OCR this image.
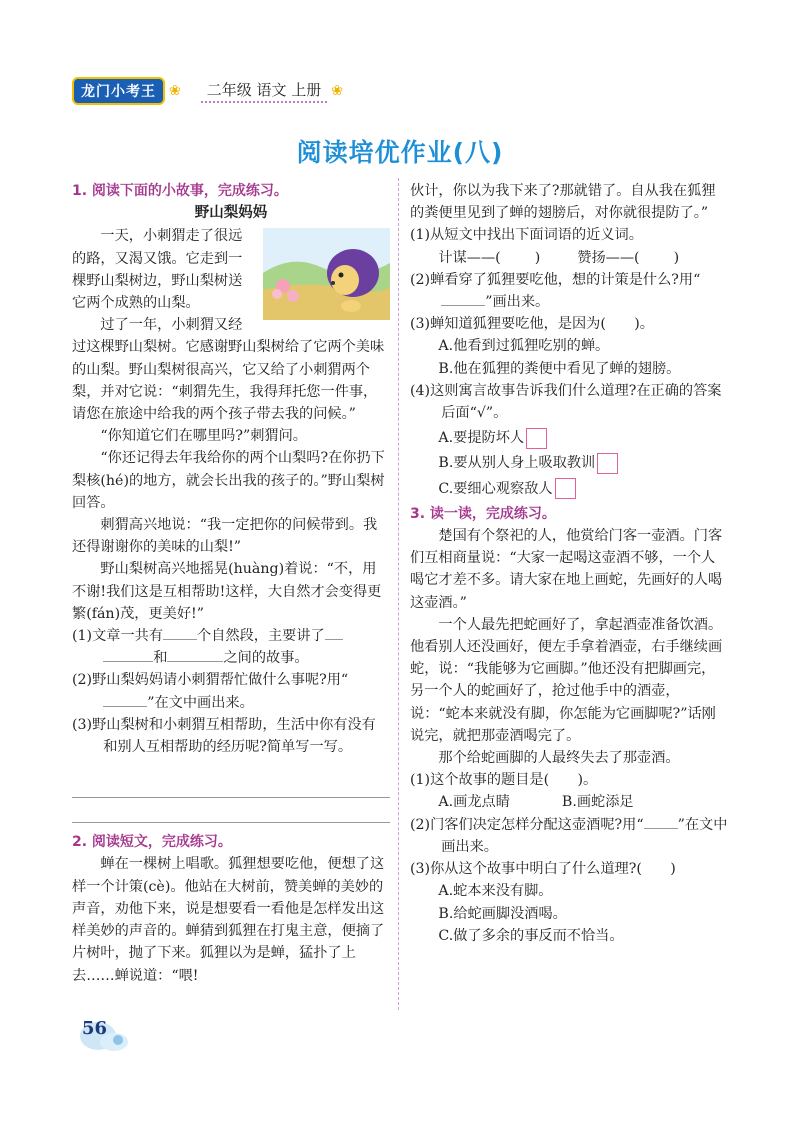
龙门小考王 ❀	二年级 语文 上册 ❀
阅读培优作业(八)

1. 阅读下面的小故事，完成练习。

野山梨妈妈

一天，小刺猬走了很远的路，又渴又饿。它走到一棵野山梨树边，野山梨树送它两个成熟的山梨。

过了一年，小刺猬又经过这棵野山梨树。它感谢野山梨树给了它两个美味的山梨。野山梨树很高兴，它又给了小刺猬两个梨，并对它说：“刺猬先生，我得拜托您一件事，请您在旅途中给我的两个孩子带去我的问候。”

“你知道它们在哪里吗?”刺猬问。

“你还记得去年我给你的两个山梨吗?在你扔下梨核(hé)的地方，就会长出我的孩子的。”野山梨树回答。

刺猬高兴地说：“我一定把你的问候带到。我还得谢谢你的美味的山梨!”

野山梨树高兴地摇晃(huàng)着说：“不，用不谢!我们这是互相帮助!这样，大自然才会变得更繁(fán)茂，更美好!”

(1)文章一共有 个自然段，主要讲了 和	之间的故事。

(2)野山梨妈妈请小刺猬帮忙做什么事呢?用“”在文中画出来。

(3)野山梨树和小刺猬互相帮助，生活中你有没有和别人互相帮助的经历呢?简单写一写。

2. 阅读短文，完成练习。

蝉在一棵树上唱歌。狐狸想要吃他，便想了这样一个计策(cè)。他站在大树前，赞美蝉的美妙的声音，劝他下来，说是想要看一看他是怎样发出这样美妙的声音的。蝉猜到狐狸在打鬼主意，便摘了片树叶，抛了下来。狐狸以为是蝉，猛扑了上去……蝉说道：“喂!

伙计，你以为我下来了?那就错了。自从我在狐狸的粪便里见到了蝉的翅膀后，对你就很提防了。”

(1)从短文中找出下面词语的近义词。

计谋——( )	赞扬——( )

(2)蝉看穿了狐狸要吃他，想的计策是什么?用“”画出来。

(3)蝉知道狐狸要吃他，是因为(　　)。

A.他看到过狐狸吃别的蝉。

B.他在狐狸的粪便中看见了蝉的翅膀。

(4)这则寓言故事告诉我们什么道理?在正确的答案后面“√”。

A.要提防坏人

B.要从别人身上吸取教训

C.要细心观察敌人

3. 读一读，完成练习。

楚国有个祭祀的人，他赏给门客一壶酒。门客们互相商量说：“大家一起喝这壶酒不够，一个人喝它才差不多。请大家在地上画蛇，先画好的人喝这壶酒。”

一个人最先把蛇画好了，拿起酒壶准备饮酒。他看别人还没画好，便左手拿着酒壶，右手继续画蛇，说：“我能够为它画脚。”他还没有把脚画完，另一个人的蛇画好了，抢过他手中的酒壶，说：“蛇本来就没有脚，你怎能为它画脚呢?”话刚说完，就把那壶酒喝完了。

那个给蛇画脚的人最终失去了那壶酒。

(1)这个故事的题目是(　　)。

A.画龙点睛	B.画蛇添足

(2)门客们决定怎样分配这壶酒呢?用“ ”在文中画出来。

(3)你从这个故事中明白了什么道理?(　　)

A.蛇本来没有脚。

B.给蛇画脚没酒喝。

C.做了多余的事反而不恰当。

56
